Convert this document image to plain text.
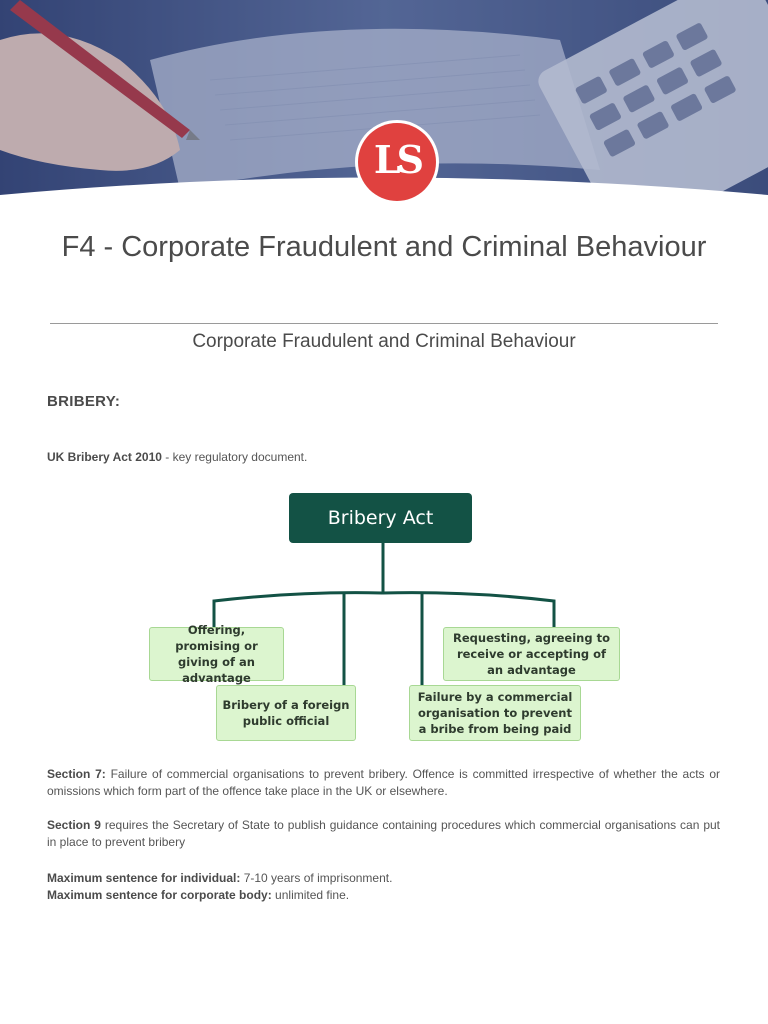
LS
F4 - Corporate Fraudulent and Criminal Behaviour
Corporate Fraudulent and Criminal Behaviour
BRIBERY:
UK Bribery Act 2010 - key regulatory document.
Bribery Act
Offering, promising or giving of an advantage
Bribery of a foreign public official
Failure by a commercial organisation to prevent a bribe from being paid
Requesting, agreeing to receive or accepting of an advantage

Section 7: Failure of commercial organisations to prevent bribery. Offence is committed irrespective of whether the acts or omissions which form part of the offence take place in the UK or elsewhere.

Section 9 requires the Secretary of State to publish guidance containing procedures which commercial organisations can put in place to prevent bribery

Maximum sentence for individual: 7-10 years of imprisonment.
Maximum sentence for corporate body: unlimited fine.
